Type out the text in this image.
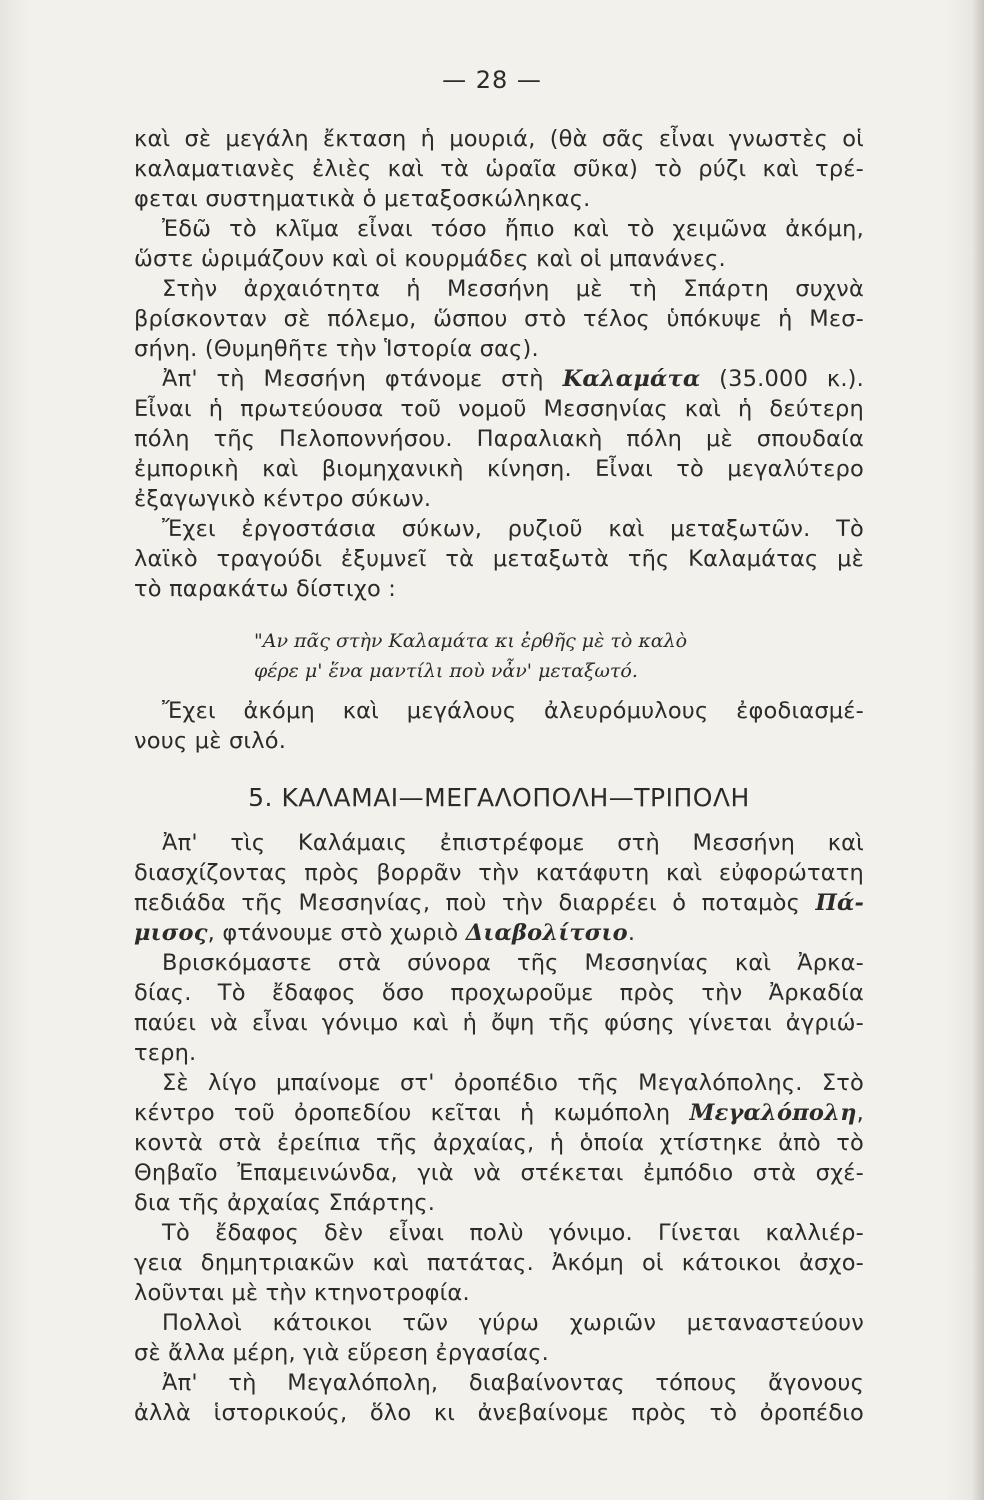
— 28 —
καὶ σὲ μεγάλη ἔκταση ἡ μουριά, (θὰ σᾶς εἶναι γνωστὲς οἱ
καλαματιανὲς ἐλιὲς καὶ τὰ ὡραῖα σῦκα) τὸ ρύζι καὶ τρέ-
φεται συστηματικὰ ὁ μεταξοσκώληκας.
Ἐδῶ τὸ κλῖμα εἶναι τόσο ἤπιο καὶ τὸ χειμῶνα ἀκόμη,
ὥστε ὡριμάζουν καὶ οἱ κουρμάδες καὶ οἱ μπανάνες.
Στὴν ἀρχαιότητα ἡ Μεσσήνη μὲ τὴ Σπάρτη συχνὰ
βρίσκονταν σὲ πόλεμο, ὥσπου στὸ τέλος ὑπόκυψε ἡ Μεσ-
σήνη. (Θυμηθῆτε τὴν Ἱστορία σας).
Ἀπ' τὴ Μεσσήνη φτάνομε στὴ Καλαμάτα (35.000 κ.).
Εἶναι ἡ πρωτεύουσα τοῦ νομοῦ Μεσσηνίας καὶ ἡ δεύτερη
πόλη τῆς Πελοποννήσου. Παραλιακὴ πόλη μὲ σπουδαία
ἐμπορικὴ καὶ βιομηχανικὴ κίνηση. Εἶναι τὸ μεγαλύτερο
ἐξαγωγικὸ κέντρο σύκων.
Ἔχει ἐργοστάσια σύκων, ρυζιοῦ καὶ μεταξωτῶν. Τὸ
λαϊκὸ τραγούδι ἐξυμνεῖ τὰ μεταξωτὰ τῆς Καλαμάτας μὲ
τὸ παρακάτω δίστιχο :
"Αν πᾶς στὴν Καλαμάτα κι ἐρθῆς μὲ τὸ καλὸ
φέρε μ' ἕνα μαντίλι ποὺ νἆν' μεταξωτό.
Ἔχει ἀκόμη καὶ μεγάλους ἀλευρόμυλους ἐφοδιασμέ-
νους μὲ σιλό.
5. ΚΑΛΑΜΑΙ—ΜΕΓΑΛΟΠΟΛΗ—ΤΡΙΠΟΛΗ
Ἀπ' τὶς Καλάμαις ἐπιστρέφομε στὴ Μεσσήνη καὶ
διασχίζοντας πρὸς βορρᾶν τὴν κατάφυτη καὶ εὐφορώτατη
πεδιάδα τῆς Μεσσηνίας, ποὺ τὴν διαρρέει ὁ ποταμὸς Πά-
μισος, φτάνουμε στὸ χωριὸ Διαβολίτσιο.
Βρισκόμαστε στὰ σύνορα τῆς Μεσσηνίας καὶ Ἀρκα-
δίας. Τὸ ἔδαφος ὅσο προχωροῦμε πρὸς τὴν Ἀρκαδία
παύει νὰ εἶναι γόνιμο καὶ ἡ ὄψη τῆς φύσης γίνεται ἀγριώ-
τερη.
Σὲ λίγο μπαίνομε στ' ὀροπέδιο τῆς Μεγαλόπολης. Στὸ
κέντρο τοῦ ὀροπεδίου κεῖται ἡ κωμόπολη Μεγαλόπολη,
κοντὰ στὰ ἐρείπια τῆς ἀρχαίας, ἡ ὁποία χτίστηκε ἀπὸ τὸ
Θηβαῖο Ἐπαμεινώνδα, γιὰ νὰ στέκεται ἐμπόδιο στὰ σχέ-
δια τῆς ἀρχαίας Σπάρτης.
Τὸ ἔδαφος δὲν εἶναι πολὺ γόνιμο. Γίνεται καλλιέρ-
γεια δημητριακῶν καὶ πατάτας. Ἀκόμη οἱ κάτοικοι ἀσχο-
λοῦνται μὲ τὴν κτηνοτροφία.
Πολλοὶ κάτοικοι τῶν γύρω χωριῶν μεταναστεύουν
σὲ ἄλλα μέρη, γιὰ εὕρεση ἐργασίας.
Ἀπ' τὴ Μεγαλόπολη, διαβαίνοντας τόπους ἄγονους
ἀλλὰ ἱστορικούς, ὅλο κι ἀνεβαίνομε πρὸς τὸ ὀροπέδιο
